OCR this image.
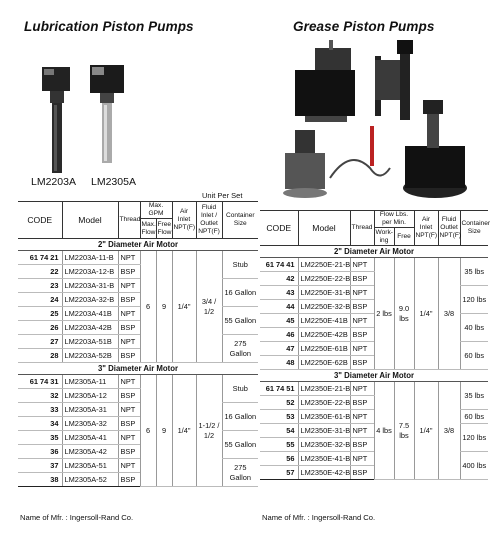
Lubrication Piston Pumps	Grease Piston Pumps
LM2203A LM2305A
Unit Per Set
CODE	Model	Thread	Max. GPM		Air Inlet NPT(F)	Fluid Inlet / Outlet NPT(F)	Container Size
			Max. Flow	Free Flow			
2" Diameter Air Motor							
61 74 21	LM2203A-11-B	NPT	6	9	1/4"	3/4 / 1/2	Stub
22	LM2203A-12-B	BSP					
23	LM2203A-31-B	NPT					16 Gallon
24	LM2203A-32-B	BSP					
25	LM2203A-41B	NPT					55 Gallon
26	LM2203A-42B	BSP					
27	LM2203A-51B	NPT					275 Gallon
28	LM2203A-52B	BSP					
3" Diameter Air Motor							
61 74 31	LM2305A-11	NPT	6	9	1/4"	1-1/2 / 1/2	Stub
32	LM2305A-12	BSP					
33	LM2305A-31	NPT					16 Gallon
34	LM2305A-32	BSP					
35	LM2305A-41	NPT					55 Gallon
36	LM2305A-42	BSP					
37	LM2305A-51	NPT					275 Gallon
38	LM2305A-52	BSP					
Name of Mfr. : Ingersoll-Rand Co.
CODE	Model	Thread	Flow Lbs. per Min.		Air Inlet NPT(F)	Fluid Outlet NPT(F)	Container Size
			Work- ing	Free			
2" Diameter Air Motor							
61 74 41	LM2250E-21-B	NPT	2 lbs	9.0 lbs	1/4"	3/8	35 lbs
42	LM2250E-22-B	BSP					
43	LM2250E-31-B	NPT					120 lbs
44	LM2250E-32-B	BSP					
45	LM2250E-41B	NPT					40 lbs
46	LM2250E-42B	BSP					
47	LM2250E-61B	NPT					60 lbs
48	LM2250E-62B	BSP					
3" Diameter Air Motor							
61 74 51	LM2350E-21-B	NPT	4 lbs	7.5 lbs	1/4"	3/8	35 lbs
52	LM2350E-22-B	BSP					
53	LM2350E-61-B	NPT					60 lbs
54	LM2350E-31-B	NPT					120 lbs
55	LM2350E-32-B	BSP					
56	LM2350E-41-B	NPT					400 lbs
57	LM2350E-42-B	BSP					
Name of Mfr. : Ingersoll-Rand Co.
